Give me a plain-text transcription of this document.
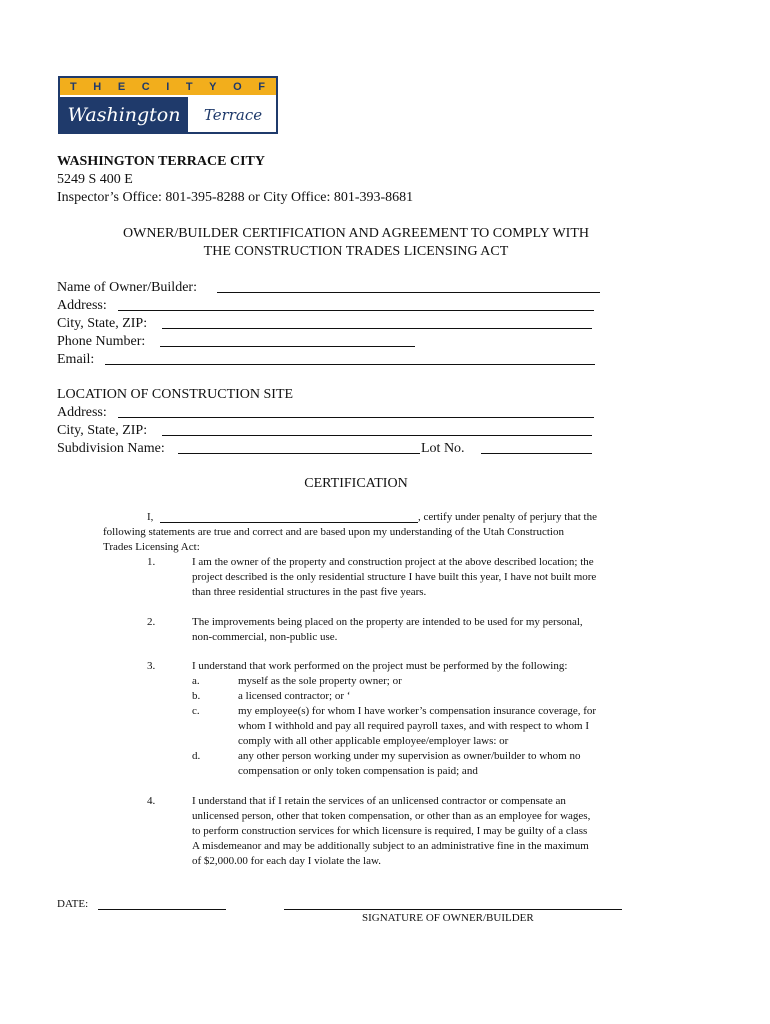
T H E C I T Y O F
Washington	Terrace
WASHINGTON TERRACE CITY
5249 S 400 E
Inspector’s Office: 801-395-8288 or City Office: 801-393-8681
OWNER/BUILDER CERTIFICATION AND AGREEMENT TO COMPLY WITH
THE CONSTRUCTION TRADES LICENSING ACT
Name of Owner/Builder:
Address:
City, State, ZIP:
Phone Number:
Email:
LOCATION OF CONSTRUCTION SITE
Address:
City, State, ZIP:
Subdivision Name:	Lot No.
CERTIFICATION
I,	, certify under penalty of perjury that the
following statements are true and correct and are based upon my understanding of the Utah Construction
Trades Licensing Act:
1.	I am the owner of the property and construction project at the above described location; the
project described is the only residential structure I have built this year, I have not built more
than three residential structures in the past five years.
2.	The improvements being placed on the property are intended to be used for my personal,
non-commercial, non-public use.
3.	I understand that work performed on the project must be performed by the following:
a.	myself as the sole property owner; or
b.	a licensed contractor; or ‘
c.	my employee(s) for whom I have worker’s compensation insurance coverage, for
whom I withhold and pay all required payroll taxes, and with respect to whom I
comply with all other applicable employee/employer laws: or
d.	any other person working under my supervision as owner/builder to whom no
compensation or only token compensation is paid; and
4.	I understand that if I retain the services of an unlicensed contractor or compensate an
unlicensed person, other that token compensation, or other than as an employee for wages,
to perform construction services for which licensure is required, I may be guilty of a class
A misdemeanor and may be additionally subject to an administrative fine in the maximum
of $2,000.00 for each day I violate the law.
DATE:
SIGNATURE OF OWNER/BUILDER
